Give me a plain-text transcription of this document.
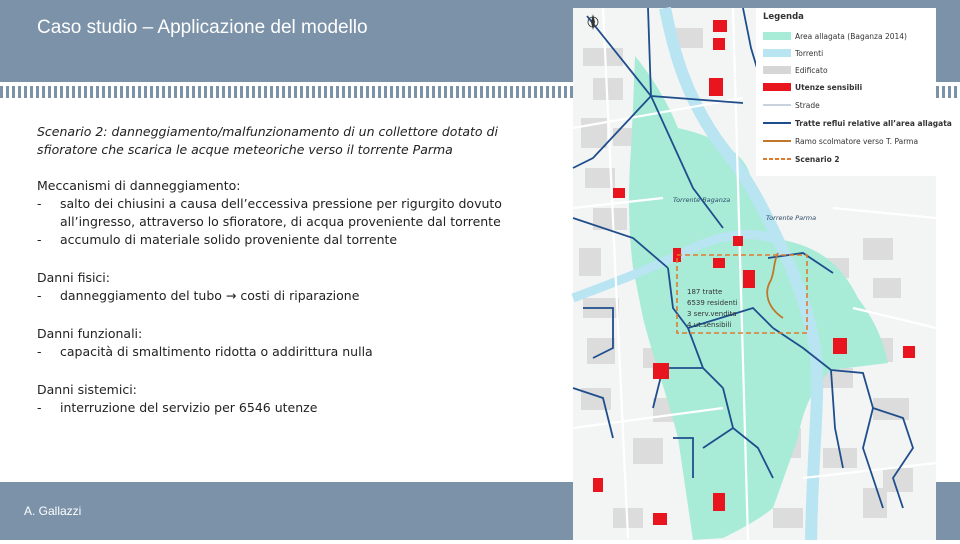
Caso studio – Applicazione del modello
Scenario 2: danneggiamento/malfunzionamento di un collettore dotato di sfioratore che scarica le acque meteoriche verso il torrente Parma
Meccanismi di danneggiamento:
- salto dei chiusini a causa dell’eccessiva pressione per rigurgito dovuto all’ingresso, attraverso lo sfioratore, di acqua proveniente dal torrente
- accumulo di materiale solido proveniente dal torrente
Danni fisici:
- danneggiamento del tubo → costi di riparazione
Danni funzionali:
- capacità di smaltimento ridotta o addirittura nulla
Danni sistemici:
- interruzione del servizio per 6546 utenze
A. Gallazzi
Torrente Baganza
Torrente Parma
187 tratte
6539 residenti
3 serv.vendita
4 ut.sensibili
Legenda
Area allagata (Baganza 2014)
Torrenti
Edificato
Utenze sensibili
Strade
Tratte reflui relative all’area allagata
Ramo scolmatore verso T. Parma
Scenario 2
